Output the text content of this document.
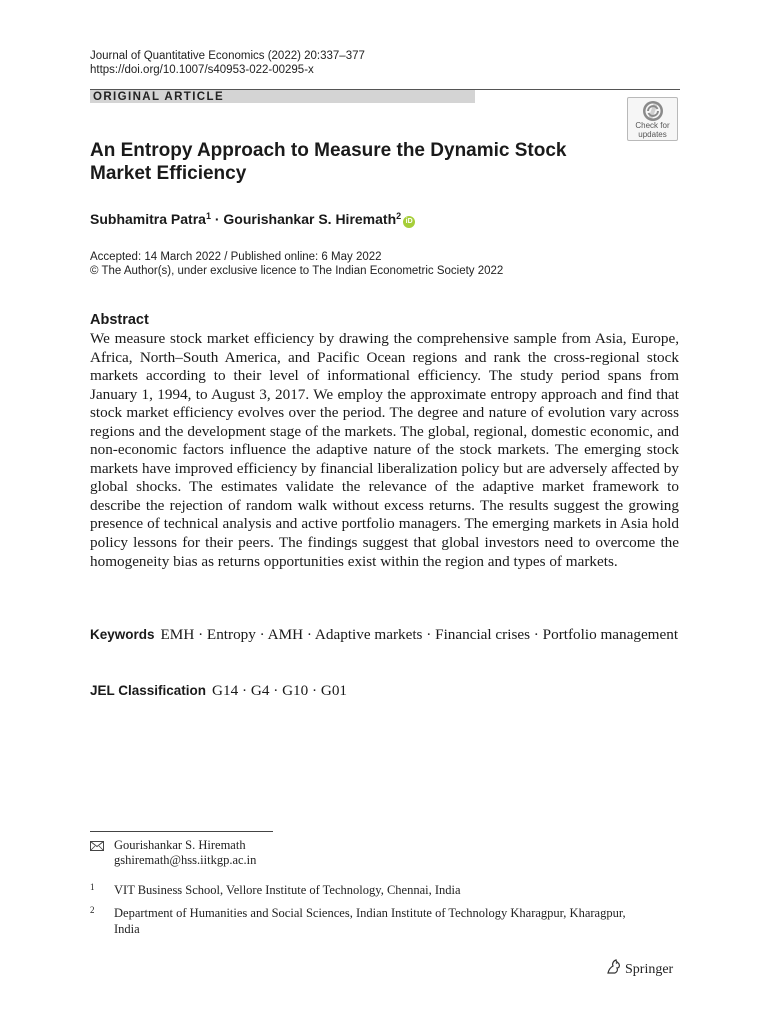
Journal of Quantitative Economics (2022) 20:337–377
https://doi.org/10.1007/s40953-022-00295-x
ORIGINAL ARTICLE
Check for
updates
An Entropy Approach to Measure the Dynamic Stock Market Efficiency
Subhamitra Patra$^1$ · Gourishankar S. Hiremath$^2$iD
Accepted: 14 March 2022 / Published online: 6 May 2022
© The Author(s), under exclusive licence to The Indian Econometric Society 2022
Abstract

We measure stock market efficiency by drawing the comprehensive sample from Asia, Europe, Africa, North–South America, and Pacific Ocean regions and rank the cross-regional stock markets according to their level of informational efficiency. The study period spans from January 1, 1994, to August 3, 2017. We employ the approximate entropy approach and find that stock market efficiency evolves over the period. The degree and nature of evolution vary across regions and the development stage of the markets. The global, regional, domestic economic, and non-economic factors influence the adaptive nature of the stock markets. The emerging stock markets have improved efficiency by financial liberalization policy but are adversely affected by global shocks. The estimates validate the relevance of the adaptive market framework to describe the rejection of random walk without excess returns. The results suggest the growing presence of technical analysis and active portfolio managers. The emerging markets in Asia hold policy lessons for their peers. The findings suggest that global investors need to overcome the homogeneity bias as returns opportunities exist within the region and types of markets.

Keywords EMH · Entropy · AMH · Adaptive markets · Financial crises · Portfolio management
JEL Classification G14 · G4 · G10 · G01
Gourishankar S. Hiremath
gshiremath@hss.iitkgp.ac.in
1 VIT Business School, Vellore Institute of Technology, Chennai, India
2 Department of Humanities and Social Sciences, Indian Institute of Technology Kharagpur, Kharagpur, India
Springer
